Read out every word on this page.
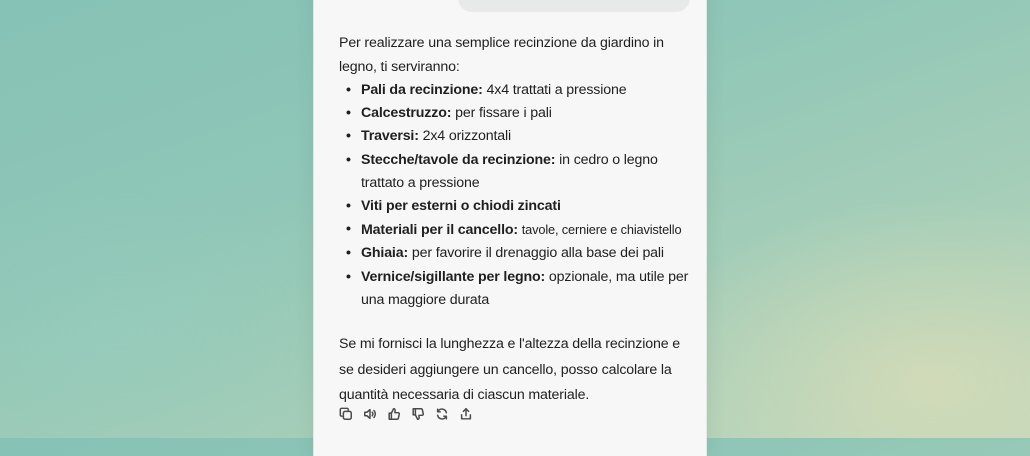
Per realizzare una semplice recinzione da giardino in legno, ti serviranno:

• Pali da recinzione: 4x4 trattati a pressione
• Calcestruzzo: per fissare i pali
• Traversi: 2x4 orizzontali
• Stecche/tavole da recinzione: in cedro o legno trattato a pressione
• Viti per esterni o chiodi zincati
• Materiali per il cancello: tavole, cerniere e chiavistello
• Ghiaia: per favorire il drenaggio alla base dei pali
• Vernice/sigillante per legno: opzionale, ma utile per una maggiore durata

Se mi fornisci la lunghezza e l'altezza della recinzione e se desideri aggiungere un cancello, posso calcolare la quantità necessaria di ciascun materiale.
